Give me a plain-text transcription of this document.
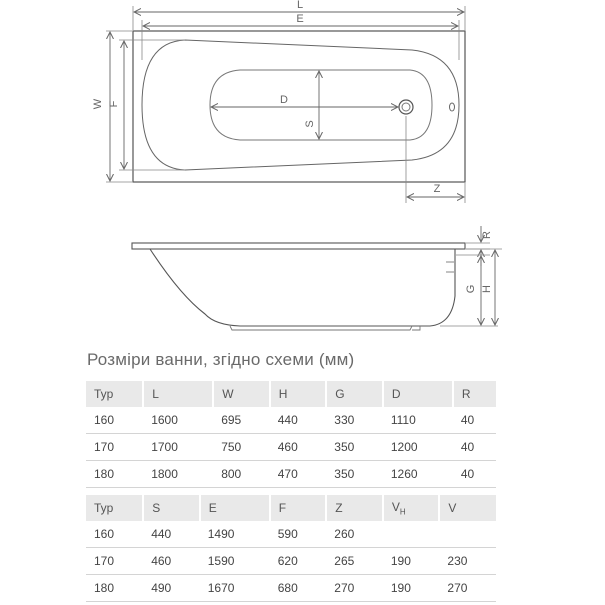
L
E
W F	D
S
Z
R
G H
Розміри ванни, згідно схеми (мм)
Typ	L	W	H	G	D	R
160	1600	695	440	330	1110	40
170	1700	750	460	350	1200	40
180	1800	800	470	350	1260	40
Typ	S	E	F	Z	$V_H$	V
160	440	1490	590	260		
170	460	1590	620	265	190	230
180	490	1670	680	270	190	270
